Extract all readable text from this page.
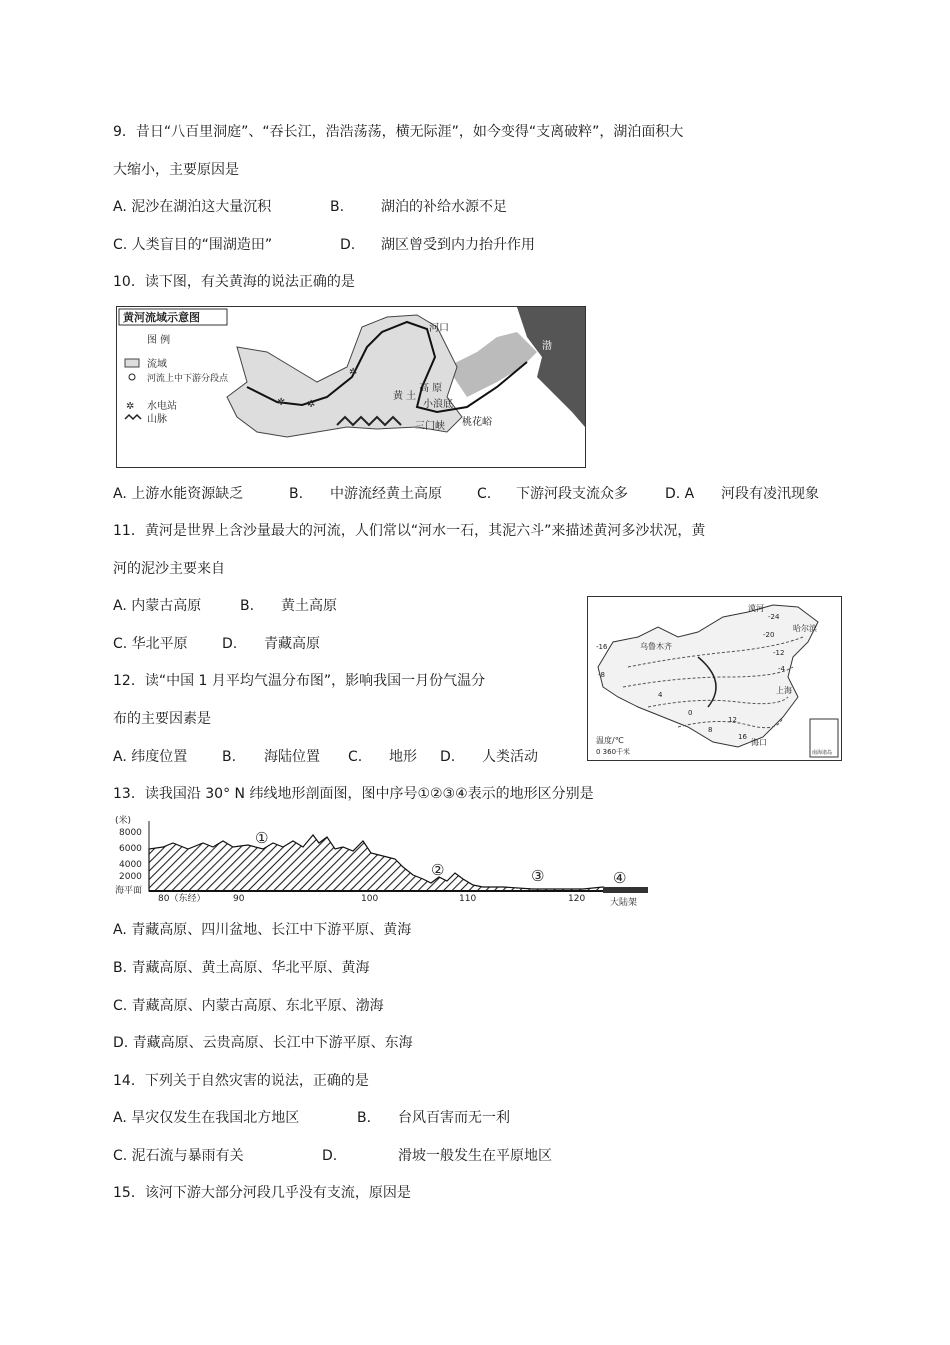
9．昔日“八百里洞庭”、“吞长江，浩浩荡荡，横无际涯”，如今变得“支离破粹”，湖泊面积大
大缩小，主要原因是
A. 泥沙在湖泊这大量沉积	B.	湖泊的补给水源不足
C. 人类盲目的“围湖造田”	D. 湖区曾受到内力抬升作用
10．读下图，有关黄海的说法正确的是
黄河流域示意图
图 例
流域
河流上中下游分段点
✲ 水电站
山脉
河口
渤
黄 土
高 原
小浪底
三门峡 桃花峪
✲
✲ ✲
A. 上游水能资源缺乏	B. 中游流经黄土高原	C. 下游河段支流众多	D. A 河段有凌汛现象
11．黄河是世界上含沙量最大的河流，人们常以“河水一石，其泥六斗”来描述黄河多沙状况，黄
河的泥沙主要来自
A. 内蒙古高原	B. 黄土高原
C. 华北平原 D. 青藏高原
漠河
哈尔滨
乌鲁木齐
上海
海口
-24
-16
-8
0
8
16
-20
-12
-4
4
12
温度/℃
0 360千米	南海诸岛
12．读“中国 1 月平均气温分布图”，影响我国一月份气温分
布的主要因素是
A. 纬度位置 B. 海陆位置 C. 地形 D. 人类活动
13．读我国沿 30° N 纬线地形剖面图，图中序号①②③④表示的地形区分别是
(米)
8000
6000
4000
2000
海平面
80（东经）	90	100	110	120	大陆架
①
②	③	④
A. 青藏高原、四川盆地、长江中下游平原、黄海
B. 青藏高原、黄土高原、华北平原、黄海
C. 青藏高原、内蒙古高原、东北平原、渤海
D. 青藏高原、云贵高原、长江中下游平原、东海
14．下列关于自然灾害的说法，正确的是
A. 旱灾仅发生在我国北方地区	B. 台风百害而无一利
C. 泥石流与暴雨有关	D.	滑坡一般发生在平原地区
15．该河下游大部分河段几乎没有支流，原因是
